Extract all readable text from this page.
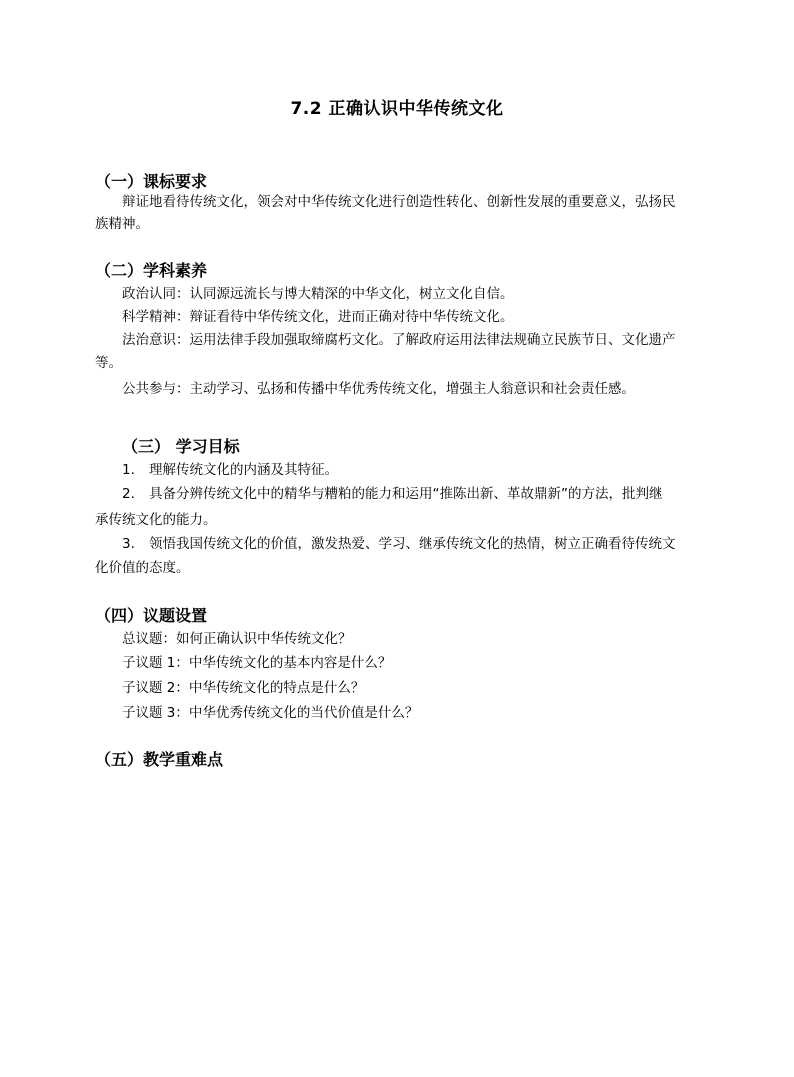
7.2 正确认识中华传统文化
（一）课标要求
辩证地看待传统文化，领会对中华传统文化进行创造性转化、创新性发展的重要意义，弘扬民
族精神。
（二）学科素养
政治认同：认同源远流长与博大精深的中华文化，树立文化自信。
科学精神：辩证看待中华传统文化，进而正确对待中华传统文化。
法治意识：运用法律手段加强取缔腐朽文化。了解政府运用法律法规确立民族节日、文化遗产
等。
公共参与：主动学习、弘扬和传播中华优秀传统文化，增强主人翁意识和社会责任感。
（三） 学习目标
1. 理解传统文化的内涵及其特征。
2. 具备分辨传统文化中的精华与糟粕的能力和运用“推陈出新、革故鼎新”的方法，批判继
承传统文化的能力。
3. 领悟我国传统文化的价值，激发热爱、学习、继承传统文化的热情，树立正确看待传统文
化价值的态度。
（四）议题设置
总议题：如何正确认识中华传统文化？
子议题 1：中华传统文化的基本内容是什么？
子议题 2：中华传统文化的特点是什么？
子议题 3：中华优秀传统文化的当代价值是什么？
（五）教学重难点
